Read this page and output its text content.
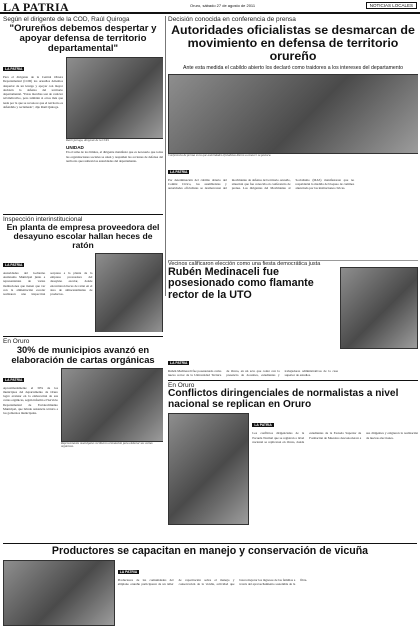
LA PATRIA	Oruro, sábado 27 de agosto de 2011	NOTICIAS LOCALES
Según el dirigente de la COD, Raúl Quiroga
"Orureños debemos despertar y apoyar defensa de territorio departamental"
LA PATRIA
Para el dirigente de la Central Obrera Departamental (COD) los orureños debemos despertar de un letargo y apoyar con mayor decisión la defensa del territorio departamental. "Estas marchas son de carácter reivindicativo, pero también si otros más que nada por la que se reconoce que el territorio es defendido y reclamado", dijo Raúl Quiroga.
Raúl Quiroga, dirigente de la COD.
UNIDAD
En el tema de los límites, el dirigente manifestó que es necesario que todas las organizaciones sociales se unan y respalden las acciones de defensa del territorio que realizan las autoridades del departamento.
Decisión conocida en conferencia de prensa
Autoridades oficialistas se desmarcan de movimiento en defensa de territorio orureño
Ante esta medida el cabildo abierto los declaró como traidores a los intereses del departamento
Conferencia de prensa en la que autoridades oficialistas dieron a conocer su postura.
LA PATRIA
Por determinación del cabildo abierto del Comité Cívico, los asambleístas y autoridades oficialistas se desmarcaron del movimiento de defensa del territorio orureño, situación que fue conocida en conferencia de prensa. Los dirigentes del Movimiento al Socialismo (MAS) manifestaron que no respaldarán la medida de bloqueo de caminos anunciada por las instituciones cívicas.
Inspección interinstitucional
En planta de empresa proveedora del desayuno escolar hallan heces de ratón
LA PATRIA
Autoridades del Gobierno Autónomo Municipal junto a representantes de varias instituciones que tienen que ver con la alimentación escolar realizaron una inspección sorpresa a la planta de la empresa proveedora del desayuno escolar, donde encontraron heces de ratón en el área de almacenamiento de productos.
Vecinos calificaron elección como una fiesta democrática justa
Rubén Medinaceli fue posesionado como flamante rector de la UTO
LA PATRIA
Rubén Medinaceli fue posesionado como nuevo rector de la Universidad Técnica de Oruro, en un acto que contó con la presencia de docentes, estudiantes y trabajadores administrativos de la casa superior de estudios.
En Oruro
Conflictos diringenciales de normalistas a nivel nacional se replican en Oruro
LA PATRIA
Los conflictos dirigenciales de la Escuela Normal que se registran a nivel nacional se replicaron en Oruro, donde estudiantes de la Escuela Superior de Formación de Maestros desconocieron a sus dirigentes y exigieron la realización de nuevas elecciones.
En Oruro
30% de municipios avanzó en elaboración de cartas orgánicas
LA PATRIA
Aproximadamente el 30% de los municipios del departamento de Oruro logró avanzar en la elaboración de sus cartas orgánicas, según informó el Servicio Departamental de Fortalecimiento Municipal, que brinda asistencia técnica a los gobiernos municipales.
Representantes municipales recibieron orientación para elaborar sus cartas orgánicas.
Productores se capacitan en manejo y conservación de vicuña
LA PATRIA
Productores de las comunidades del altiplano orureño participaron de un taller de capacitación sobre el manejo y conservación de la vicuña, actividad que busca mejorar los ingresos de las familias a través del aprovechamiento sostenible de la fibra.
